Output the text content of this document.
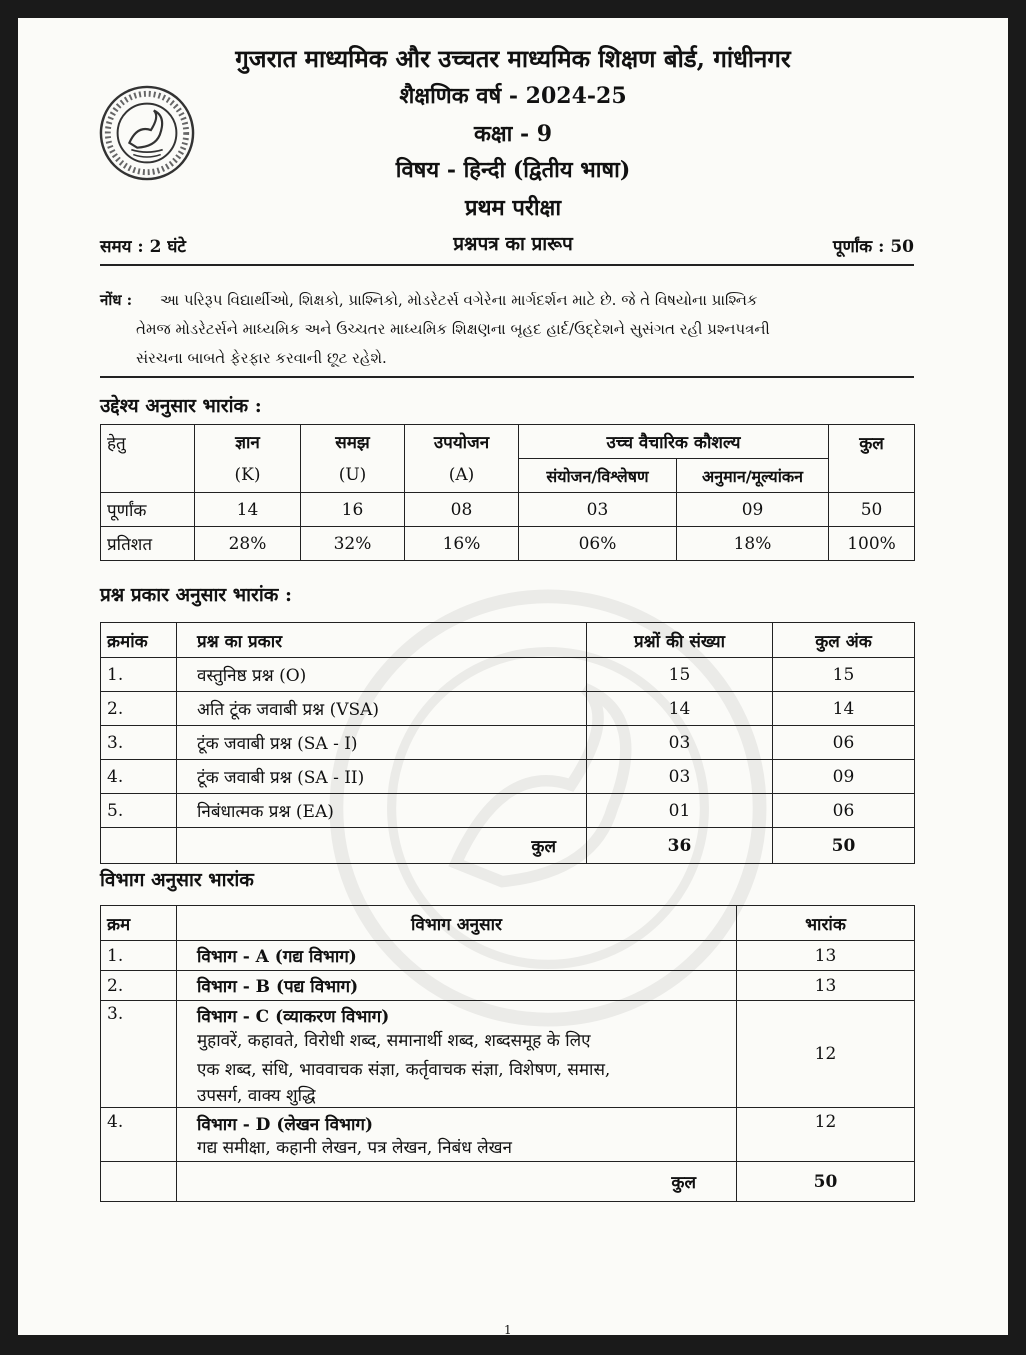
गुजरात माध्यमिक और उच्चतर माध्यमिक शिक्षण बोर्ड, गांधीनगर
शैक्षणिक वर्ष - 2024-25
कक्षा - 9
विषय - हिन्दी (द्वितीय भाषा)
प्रथम परीक्षा
समय : 2 घंटे	प्रश्नपत्र का प्रारूप	पूर्णांक : 50
नोंध : આ પરિરૂપ વિદ્યાર્થીઓ, શિક્ષકો, પ્રાશ્નિકો, મોડરેટર્સ વગેરેના માર્ગદર્શન માટે છે. જે તે વિષયોના પ્રાશ્નિક
તેમજ મોડરેટર્સને માધ્યમિક અને ઉચ્ચતર માધ્યમિક શિક્ષણના બૃહદ હાર્દ/ઉદ્દેશને સુસંગત રહી પ્રશ્નપત્રની
સંરચના બાબતે ફેરફાર કરવાની છૂટ રહેશે.
उद्देश्य अनुसार भारांक :
हेतु	ज्ञान	समझ	उपयोजन	उच्च वैचारिक कौशल्य		कुल
	(K)	(U)	(A)	संयोजन/विश्लेषण	अनुमान/मूल्यांकन	
पूर्णांक	14	16	08	03	09	50
प्रतिशत	28%	32%	16%	06%	18%	100%
प्रश्न प्रकार अनुसार भारांक :
क्रमांक	प्रश्न का प्रकार	प्रश्नों की संख्या	कुल अंक
1.	वस्तुनिष्ठ प्रश्न (O)	15	15
2.	अति टूंक जवाबी प्रश्न (VSA)	14	14
3.	टूंक जवाबी प्रश्न (SA - I)	03	06
4.	टूंक जवाबी प्रश्न (SA - II)	03	09
5.	निबंधात्मक प्रश्न (EA)	01	06
	कुल	36	50
विभाग अनुसार भारांक
क्रम	विभाग अनुसार	भारांक
1.	विभाग - A (गद्य विभाग)	13
2.	विभाग - B (पद्य विभाग)	13
3.	विभाग - C (व्याकरण विभाग)
मुहावरें, कहावते, विरोधी शब्द, समानार्थी शब्द, शब्दसमूह के लिए
एक शब्द, संधि, भाववाचक संज्ञा, कर्तृवाचक संज्ञा, विशेषण, समास,
उपसर्ग, वाक्य शुद्धि	12
4.	विभाग - D (लेखन विभाग)
गद्य समीक्षा, कहानी लेखन, पत्र लेखन, निबंध लेखन	12
	कुल	50
1
